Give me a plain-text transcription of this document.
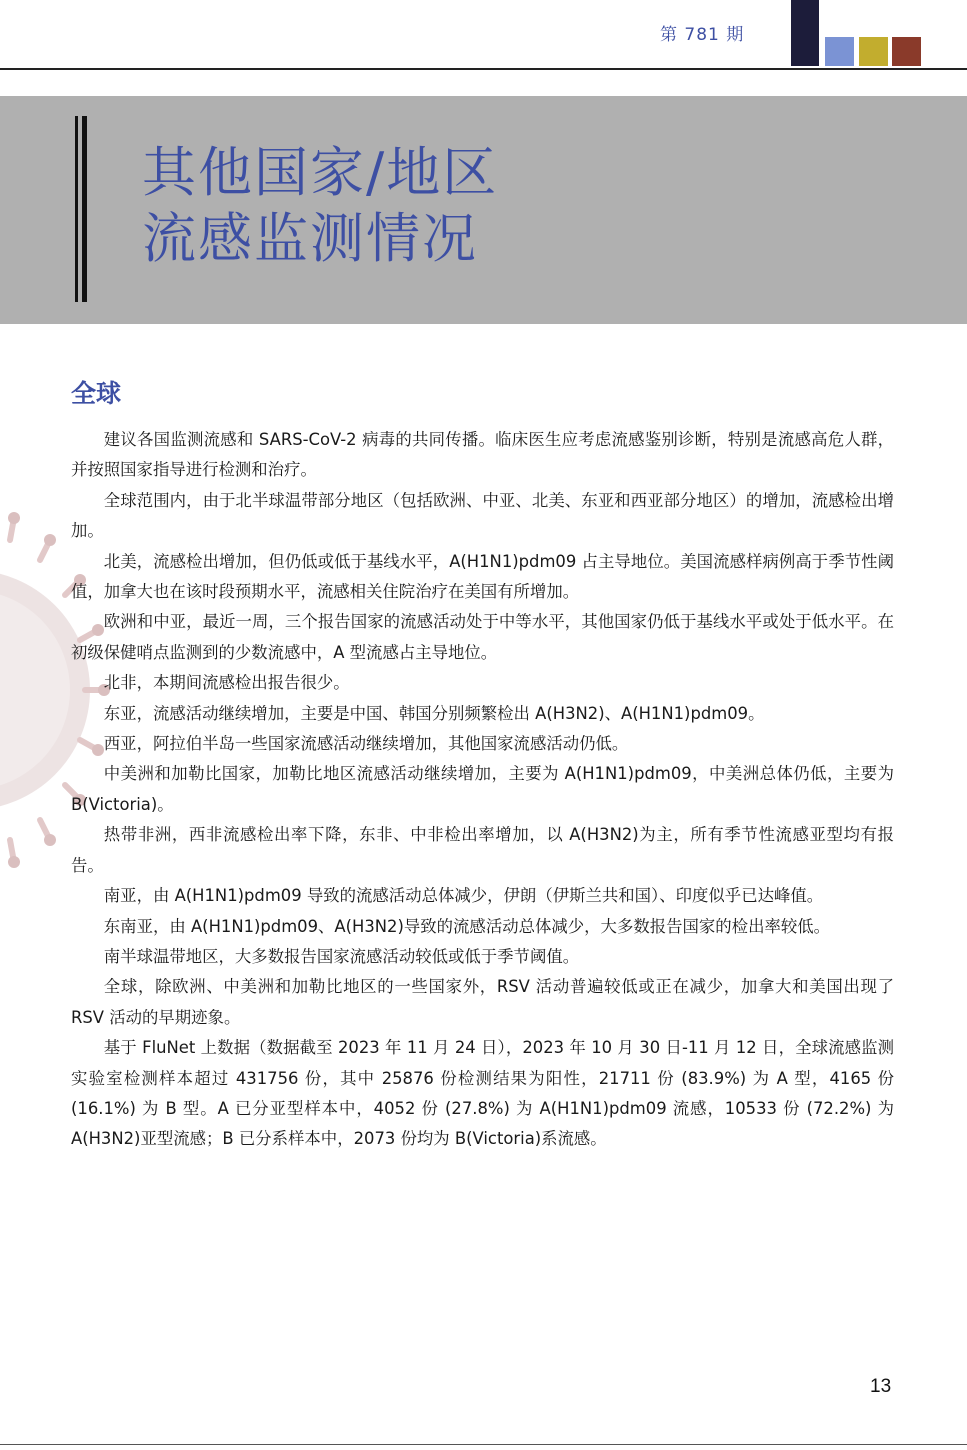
第 781 期
其他国家/地区
流感监测情况
全球

建议各国监测流感和 SARS-CoV-2 病毒的共同传播。临床医生应考虑流感鉴别诊断，特别是流感高危人群，并按照国家指导进行检测和治疗。

全球范围内，由于北半球温带部分地区（包括欧洲、中亚、北美、东亚和西亚部分地区）的增加，流感检出增加。

北美，流感检出增加，但仍低或低于基线水平，A(H1N1)pdm09 占主导地位。美国流感样病例高于季节性阈值，加拿大也在该时段预期水平，流感相关住院治疗在美国有所增加。

欧洲和中亚，最近一周，三个报告国家的流感活动处于中等水平，其他国家仍低于基线水平或处于低水平。在初级保健哨点监测到的少数流感中，A 型流感占主导地位。

北非，本期间流感检出报告很少。

东亚，流感活动继续增加，主要是中国、韩国分别频繁检出 A(H3N2)、A(H1N1)pdm09。

西亚，阿拉伯半岛一些国家流感活动继续增加，其他国家流感活动仍低。

中美洲和加勒比国家，加勒比地区流感活动继续增加，主要为 A(H1N1)pdm09，中美洲总体仍低，主要为 B(Victoria)。

热带非洲，西非流感检出率下降，东非、中非检出率增加，以 A(H3N2)为主，所有季节性流感亚型均有报告。

南亚，由 A(H1N1)pdm09 导致的流感活动总体减少，伊朗（伊斯兰共和国）、印度似乎已达峰值。

东南亚，由 A(H1N1)pdm09、A(H3N2)导致的流感活动总体减少，大多数报告国家的检出率较低。

南半球温带地区，大多数报告国家流感活动较低或低于季节阈值。

全球，除欧洲、中美洲和加勒比地区的一些国家外，RSV 活动普遍较低或正在减少，加拿大和美国出现了 RSV 活动的早期迹象。

基于 FluNet 上数据（数据截至 2023 年 11 月 24 日），2023 年 10 月 30 日-11 月 12 日，全球流感监测实验室检测样本超过 431756 份，其中 25876 份检测结果为阳性，21711 份 (83.9%) 为 A 型，4165 份 (16.1%) 为 B 型。A 已分亚型样本中，4052 份 (27.8%) 为 A(H1N1)pdm09 流感，10533 份 (72.2%) 为 A(H3N2)亚型流感；B 已分系样本中，2073 份均为 B(Victoria)系流感。

13
